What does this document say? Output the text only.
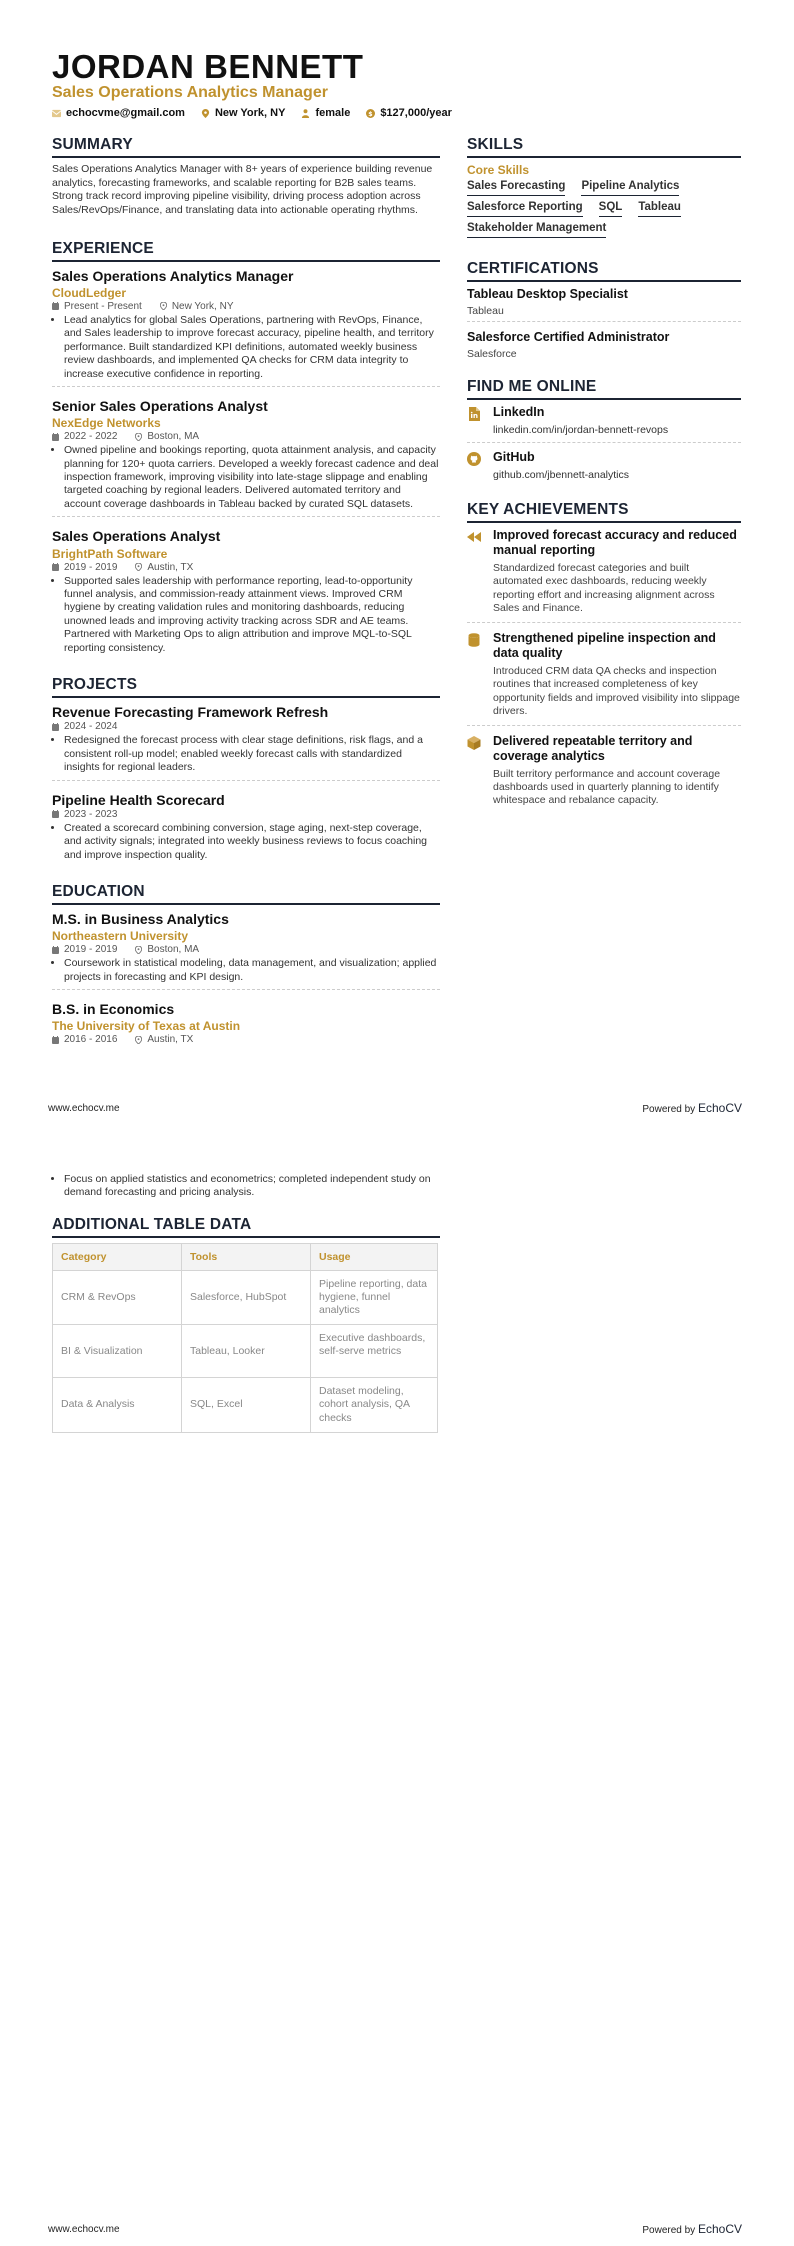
JORDAN BENNETT
Sales Operations Analytics Manager
echocvme@gmail.com	New York, NY	female	$ $127,000/year
SUMMARY

Sales Operations Analytics Manager with 8+ years of experience building revenue analytics, forecasting frameworks, and scalable reporting for B2B sales teams. Strong track record improving pipeline visibility, driving process adoption across Sales/RevOps/Finance, and translating data into actionable operating rhythms.

EXPERIENCE
Sales Operations Analytics Manager
CloudLedger
Present - Present	New York, NY
• Lead analytics for global Sales Operations, partnering with RevOps, Finance, and Sales leadership to improve forecast accuracy, pipeline health, and territory performance. Built standardized KPI definitions, automated weekly business review dashboards, and implemented QA checks for CRM data integrity to increase executive confidence in reporting.
Senior Sales Operations Analyst
NexEdge Networks
2022 - 2022	Boston, MA
• Owned pipeline and bookings reporting, quota attainment analysis, and capacity planning for 120+ quota carriers. Developed a weekly forecast cadence and deal inspection framework, improving visibility into late-stage slippage and enabling targeted coaching by regional leaders. Delivered automated territory and account coverage dashboards in Tableau backed by curated SQL datasets.
Sales Operations Analyst
BrightPath Software
2019 - 2019	Austin, TX
• Supported sales leadership with performance reporting, lead-to-opportunity funnel analysis, and commission-ready attainment views. Improved CRM hygiene by creating validation rules and monitoring dashboards, reducing unowned leads and improving activity tracking across SDR and AE teams. Partnered with Marketing Ops to align attribution and improve MQL-to-SQL reporting consistency.
PROJECTS
Revenue Forecasting Framework Refresh
2024 - 2024
• Redesigned the forecast process with clear stage definitions, risk flags, and a consistent roll-up model; enabled weekly forecast calls with standardized insights for regional leaders.
Pipeline Health Scorecard
2023 - 2023
• Created a scorecard combining conversion, stage aging, next-step coverage, and activity signals; integrated into weekly business reviews to focus coaching and improve inspection quality.
EDUCATION
M.S. in Business Analytics
Northeastern University
2019 - 2019	Boston, MA
• Coursework in statistical modeling, data management, and visualization; applied projects in forecasting and KPI design.
B.S. in Economics
The University of Texas at Austin
2016 - 2016	Austin, TX
SKILLS
Core Skills
Sales Forecasting Pipeline Analytics
Salesforce Reporting SQL Tableau
Stakeholder Management
CERTIFICATIONS
Tableau Desktop Specialist
Tableau
Salesforce Certified Administrator
Salesforce
FIND ME ONLINE
LinkedIn
linkedin.com/in/jordan-bennett-revops
GitHub
github.com/jbennett-analytics
KEY ACHIEVEMENTS
Improved forecast accuracy and reduced manual reporting
Standardized forecast categories and built automated exec dashboards, reducing weekly reporting effort and increasing alignment across Sales and Finance.
Strengthened pipeline inspection and data quality
Introduced CRM data QA checks and inspection routines that increased completeness of key opportunity fields and improved visibility into slippage drivers.
Delivered repeatable territory and coverage analytics
Built territory performance and account coverage dashboards used in quarterly planning to identify whitespace and rebalance capacity.
www.echocv.me	Powered by EchoCV
• Focus on applied statistics and econometrics; completed independent study on demand forecasting and pricing analysis.
ADDITIONAL TABLE DATA
Category	Tools	Usage
CRM & RevOps	Salesforce, HubSpot	Pipeline reporting, data hygiene, funnel analytics
BI & Visualization	Tableau, Looker	Executive dashboards, self-serve metrics
Data & Analysis	SQL, Excel	Dataset modeling, cohort analysis, QA checks
www.echocv.me	Powered by EchoCV
